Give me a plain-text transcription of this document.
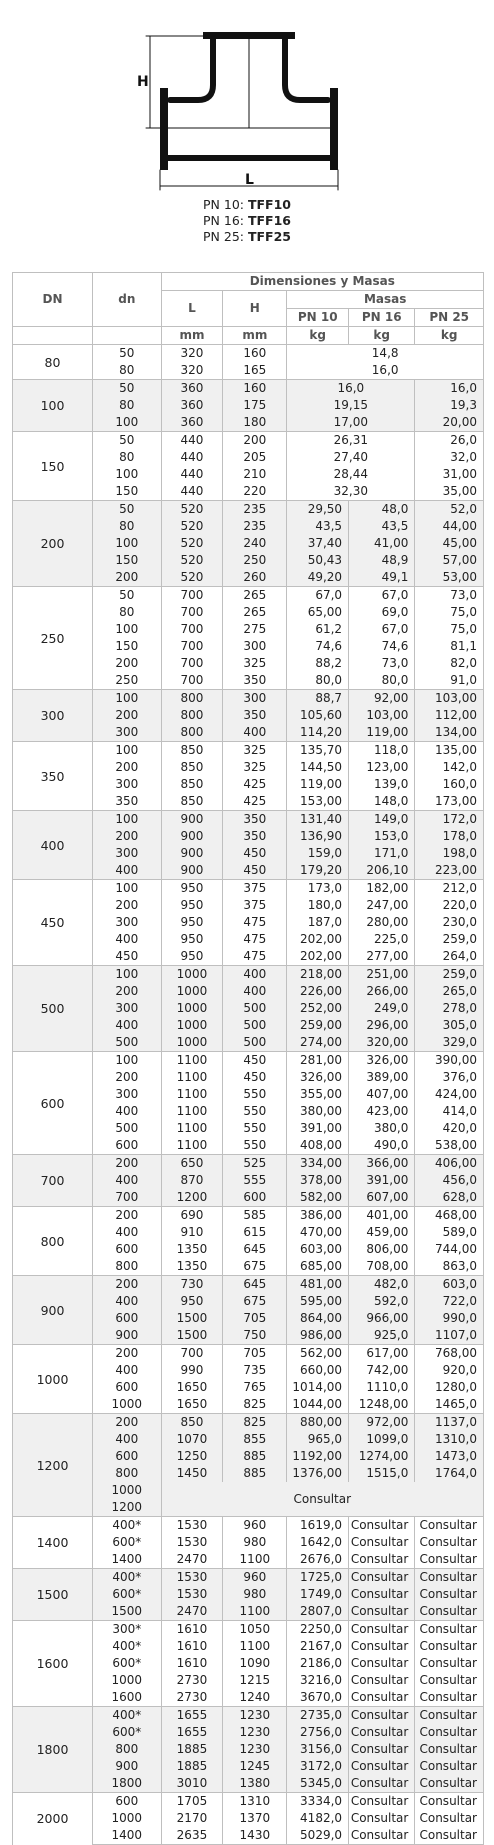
H
L
PN 10: TFF10
PN 16: TFF16
PN 25: TFF25
DN	dn	Dimensiones y Masas				
		L	H	Masas		
				PN 10	PN 16	PN 25
		mm	mm	kg	kg	kg
80	50	320	160	14,8		
	80	320	165	16,0		
100	50	360	160	16,0		16,0
	80	360	175	19,15		19,3
	100	360	180	17,00		20,00
150	50	440	200	26,31		26,0
	80	440	205	27,40		32,0
	100	440	210	28,44		31,00
	150	440	220	32,30		35,00
200	50	520	235	29,50	48,0	52,0
	80	520	235	43,5	43,5	44,00
	100	520	240	37,40	41,00	45,00
	150	520	250	50,43	48,9	57,00
	200	520	260	49,20	49,1	53,00
250	50	700	265	67,0	67,0	73,0
	80	700	265	65,00	69,0	75,0
	100	700	275	61,2	67,0	75,0
	150	700	300	74,6	74,6	81,1
	200	700	325	88,2	73,0	82,0
	250	700	350	80,0	80,0	91,0
300	100	800	300	88,7	92,00	103,00
	200	800	350	105,60	103,00	112,00
	300	800	400	114,20	119,00	134,00
350	100	850	325	135,70	118,0	135,00
	200	850	325	144,50	123,00	142,0
	300	850	425	119,00	139,0	160,0
	350	850	425	153,00	148,0	173,00
400	100	900	350	131,40	149,0	172,0
	200	900	350	136,90	153,0	178,0
	300	900	450	159,0	171,0	198,0
	400	900	450	179,20	206,10	223,00
450	100	950	375	173,0	182,00	212,0
	200	950	375	180,0	247,00	220,0
	300	950	475	187,0	280,00	230,0
	400	950	475	202,00	225,0	259,0
	450	950	475	202,00	277,00	264,0
500	100	1000	400	218,00	251,00	259,0
	200	1000	400	226,00	266,00	265,0
	300	1000	500	252,00	249,0	278,0
	400	1000	500	259,00	296,00	305,0
	500	1000	500	274,00	320,00	329,0
600	100	1100	450	281,00	326,00	390,00
	200	1100	450	326,00	389,00	376,0
	300	1100	550	355,00	407,00	424,00
	400	1100	550	380,00	423,00	414,0
	500	1100	550	391,00	380,0	420,0
	600	1100	550	408,00	490,0	538,00
700	200	650	525	334,00	366,00	406,00
	400	870	555	378,00	391,00	456,0
	700	1200	600	582,00	607,00	628,0
800	200	690	585	386,00	401,00	468,00
	400	910	615	470,00	459,00	589,0
	600	1350	645	603,00	806,00	744,00
	800	1350	675	685,00	708,00	863,0
900	200	730	645	481,00	482,0	603,0
	400	950	675	595,00	592,0	722,0
	600	1500	705	864,00	966,00	990,0
	900	1500	750	986,00	925,0	1107,0
1000	200	700	705	562,00	617,00	768,00
	400	990	735	660,00	742,00	920,0
	600	1650	765	1014,00	1110,0	1280,0
	1000	1650	825	1044,00	1248,00	1465,0
1200	200	850	825	880,00	972,00	1137,0
	400	1070	855	965,0	1099,0	1310,0
	600	1250	885	1192,00	1274,00	1473,0
	800	1450	885	1376,00	1515,0	1764,0
	1000	Consultar				
	1200					
1400	400*	1530	960	1619,0	Consultar	Consultar
	600*	1530	980	1642,0	Consultar	Consultar
	1400	2470	1100	2676,0	Consultar	Consultar
1500	400*	1530	960	1725,0	Consultar	Consultar
	600*	1530	980	1749,0	Consultar	Consultar
	1500	2470	1100	2807,0	Consultar	Consultar
1600	300*	1610	1050	2250,0	Consultar	Consultar
	400*	1610	1100	2167,0	Consultar	Consultar
	600*	1610	1090	2186,0	Consultar	Consultar
	1000	2730	1215	3216,0	Consultar	Consultar
	1600	2730	1240	3670,0	Consultar	Consultar
1800	400*	1655	1230	2735,0	Consultar	Consultar
	600*	1655	1230	2756,0	Consultar	Consultar
	800	1885	1230	3156,0	Consultar	Consultar
	900	1885	1245	3172,0	Consultar	Consultar
	1800	3010	1380	5345,0	Consultar	Consultar
2000	600	1705	1310	3334,0	Consultar	Consultar
	1000	2170	1370	4182,0	Consultar	Consultar
	1400	2635	1430	5029,0	Consultar	Consultar
